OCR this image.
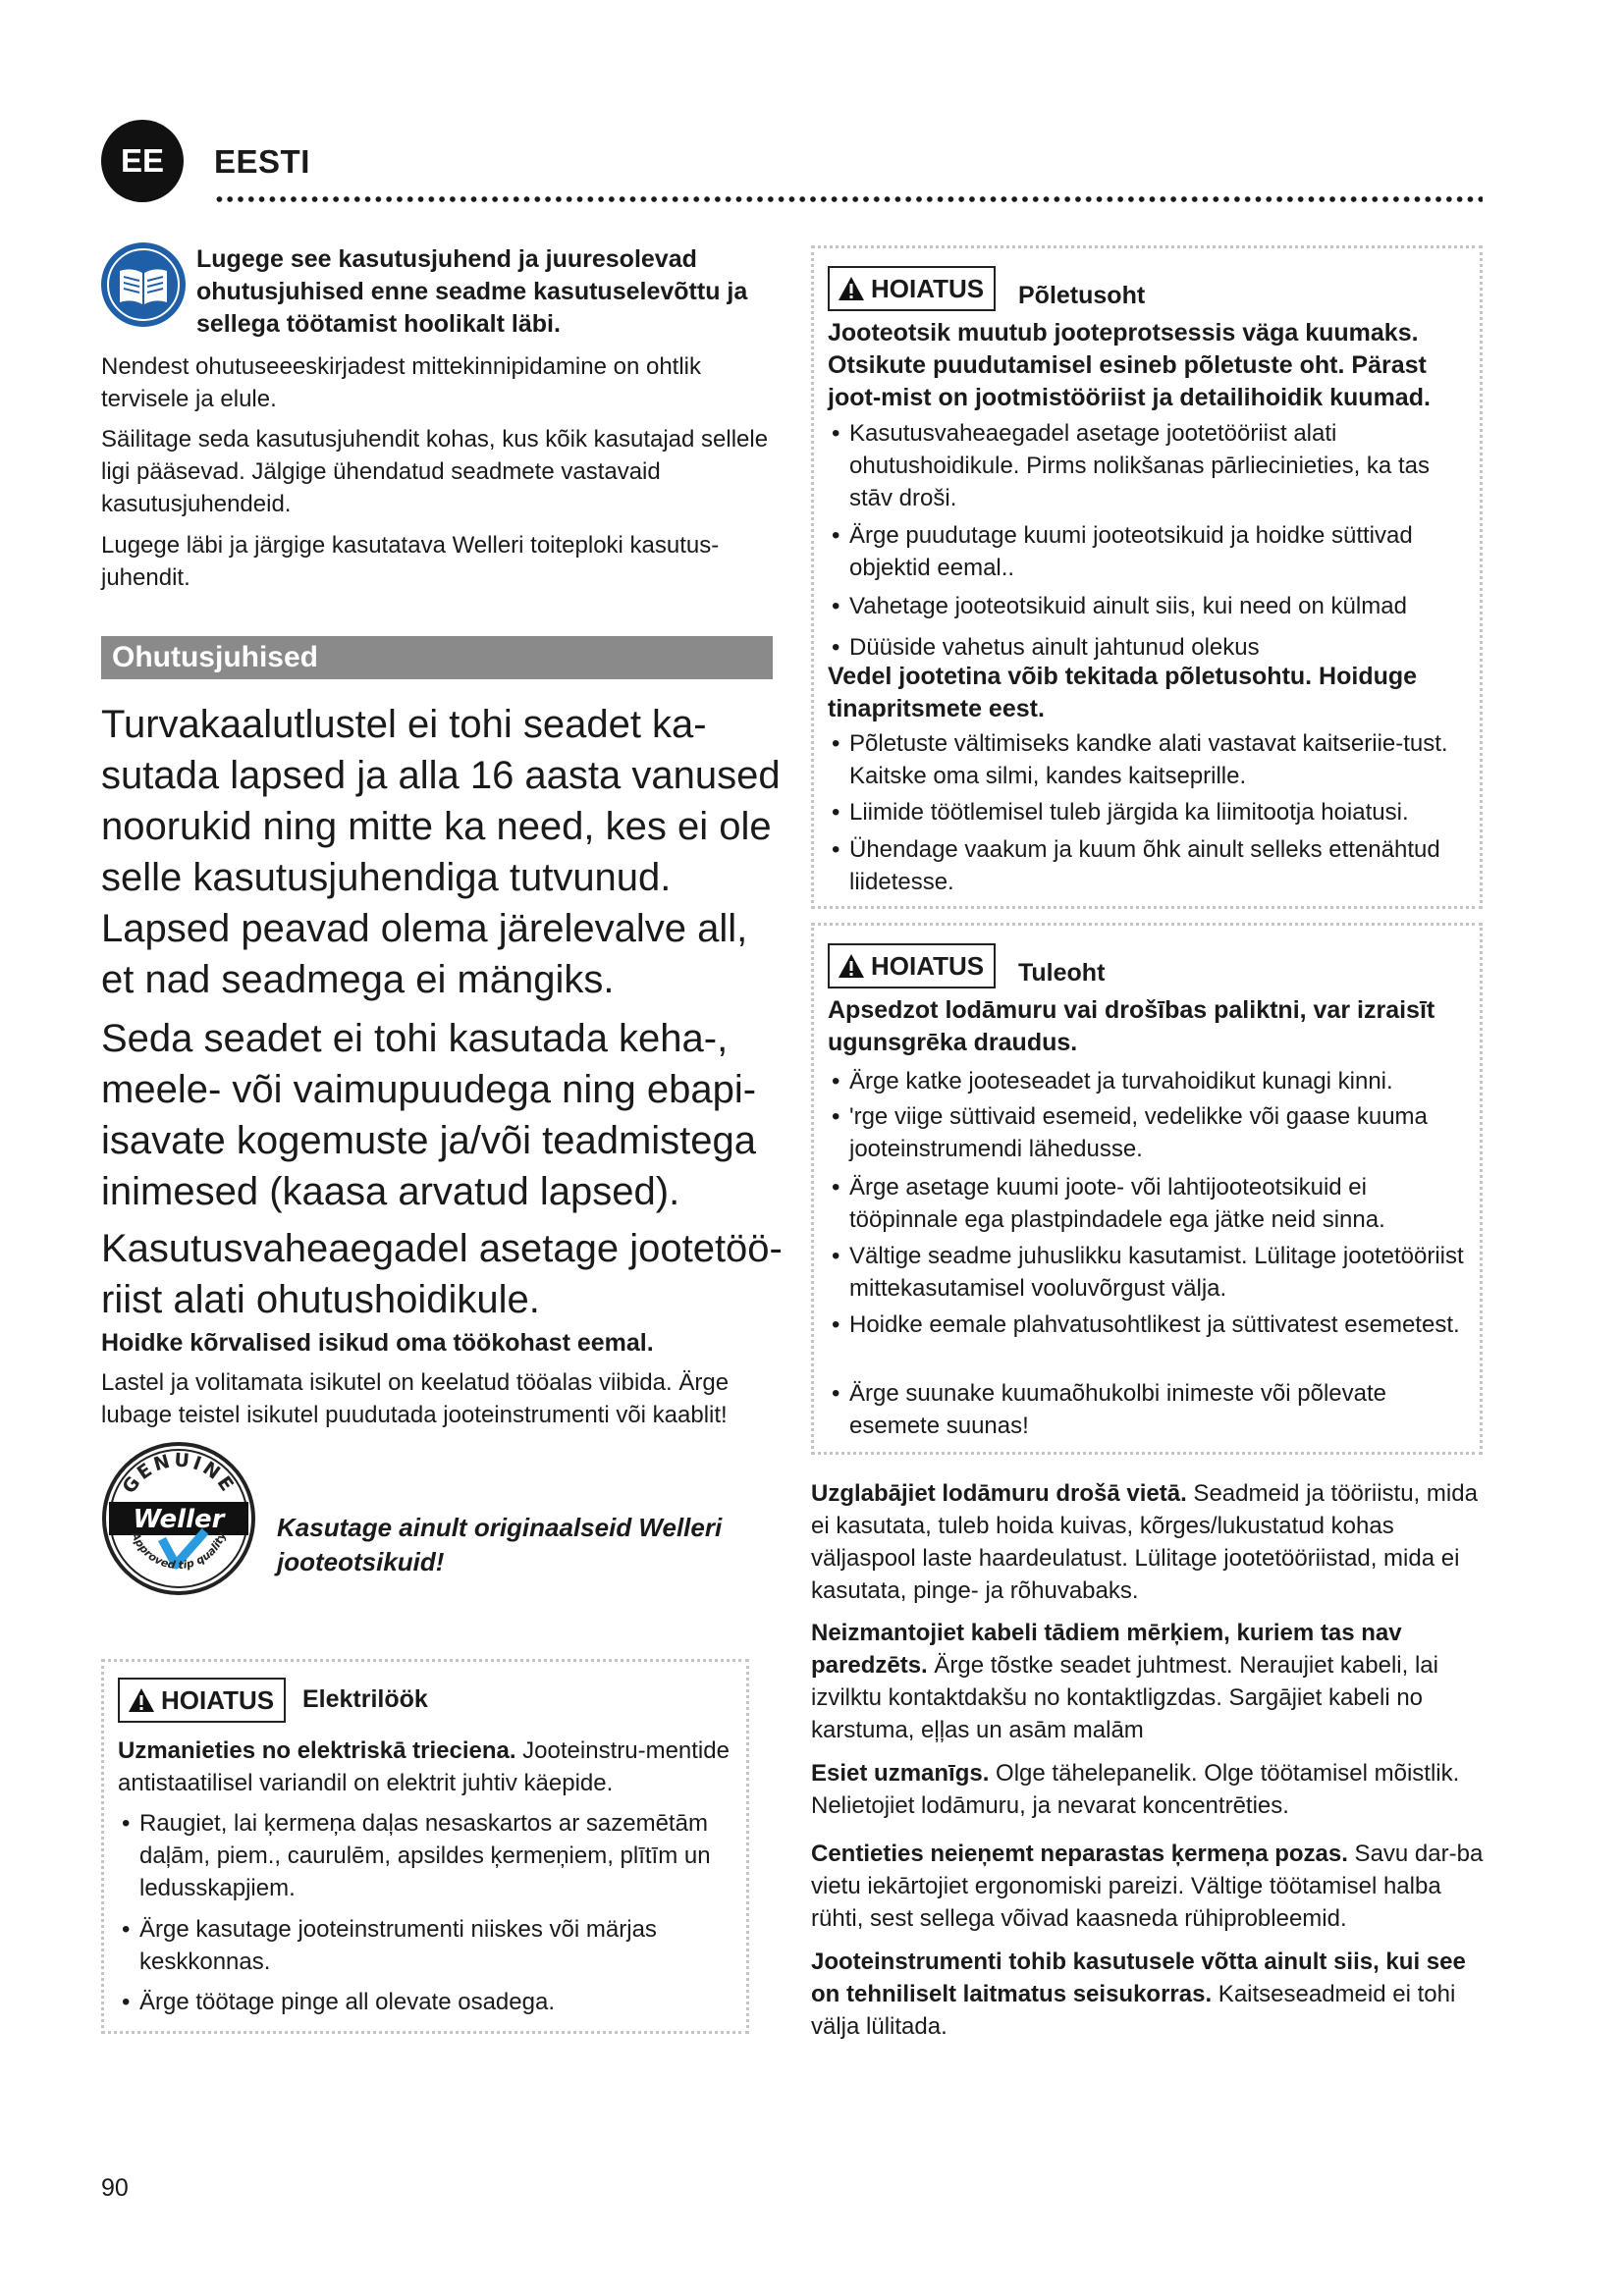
EE	EESTI
Lugege see kasutusjuhend ja juuresolevad ohutusjuhised enne seadme kasutuselevõttu ja sellega töötamist hoolikalt läbi.
Nendest ohutuseeeskirjadest mittekinnipidamine on ohtlik tervisele ja elule.
Säilitage seda kasutusjuhendit kohas, kus kõik kasutajad sellele ligi pääsevad. Jälgige ühendatud seadmete vastavaid kasutusjuhendeid.
Lugege läbi ja järgige kasutatava Welleri toiteploki kasutus-juhendit.
Ohutusjuhised
Turvakaalutlustel ei tohi seadet ka-sutada lapsed ja alla 16 aasta vanused noorukid ning mitte ka need, kes ei ole selle kasutusjuhendiga tutvunud. Lapsed peavad olema järelevalve all, et nad seadmega ei mängiks.
Seda seadet ei tohi kasutada keha-, meele- või vaimupuudega ning ebapi-isavate kogemuste ja/või teadmistega inimesed (kaasa arvatud lapsed).
Kasutusvaheaegadel asetage jootetöö-riist alati ohutushoidikule.
Hoidke kõrvalised isikud oma töökohast eemal.
Lastel ja volitamata isikutel on keelatud tööalas viibida. Ärge lubage teistel isikutel puudutada jooteinstrumenti või kaablit!
GENUINE
Weller
Approved tip quality Kasutage ainult originaalseid Welleri jooteotsikuid!
HOIATUS Elektrilöök
Uzmanieties no elektriskā trieciena. Jooteinstru-mentide antistaatilisel variandil on elektrit juhtiv käepide.
• Raugiet, lai ķermeņa daļas nesaskartos ar sazemētām daļām, piem., caurulēm, apsildes ķermeņiem, plītīm un ledusskapjiem.
• Ärge kasutage jooteinstrumenti niiskes või märjas keskkonnas.
• Ärge töötage pinge all olevate osadega.
HOIATUS Põletusoht
Jooteotsik muutub jooteprotsessis väga kuumaks. Otsikute puudutamisel esineb põletuste oht. Pärast joot-mist on jootmistööriist ja detailihoidik kuumad.
• Kasutusvaheaegadel asetage jootetööriist alati ohutushoidikule. Pirms nolikšanas pārliecinieties, ka tas stāv droši.
• Ärge puudutage kuumi jooteotsikuid ja hoidke süttivad objektid eemal..
• Vahetage jooteotsikuid ainult siis, kui need on külmad
• Düüside vahetus ainult jahtunud olekus
Vedel jootetina võib tekitada põletusohtu. Hoiduge tinapritsmete eest.
• Põletuste vältimiseks kandke alati vastavat kaitseriie-tust. Kaitske oma silmi, kandes kaitseprille.
• Liimide töötlemisel tuleb järgida ka liimitootja hoiatusi.
• Ühendage vaakum ja kuum õhk ainult selleks ettenähtud liidetesse.
HOIATUS Tuleoht
Apsedzot lodāmuru vai drošības paliktni, var izraisīt ugunsgrēka draudus.
• Ärge katke jooteseadet ja turvahoidikut kunagi kinni.
• 'rge viige süttivaid esemeid, vedelikke või gaase kuuma jooteinstrumendi lähedusse.
• Ärge asetage kuumi joote- või lahtijooteotsikuid ei tööpinnale ega plastpindadele ega jätke neid sinna.
• Vältige seadme juhuslikku kasutamist. Lülitage jootetööriist mittekasutamisel vooluvõrgust välja.
• Hoidke eemale plahvatusohtlikest ja süttivatest esemetest.
• Ärge suunake kuumaõhukolbi inimeste või põlevate esemete suunas!
Uzglabājiet lodāmuru drošā vietā. Seadmeid ja tööriistu, mida ei kasutata, tuleb hoida kuivas, kõrges/lukustatud kohas väljaspool laste haardeulatust. Lülitage jootetööriistad, mida ei kasutata, pinge- ja rõhuvabaks.
Neizmantojiet kabeli tādiem mērķiem, kuriem tas nav paredzēts. Ärge tõstke seadet juhtmest. Neraujiet kabeli, lai izvilktu kontaktdakšu no kontaktligzdas. Sargājiet kabeli no karstuma, eļļas un asām malām
Esiet uzmanīgs. Olge tähelepanelik. Olge töötamisel mõistlik. Nelietojiet lodāmuru, ja nevarat koncentrēties.
Centieties neieņemt neparastas ķermeņa pozas. Savu dar-ba vietu iekārtojiet ergonomiski pareizi. Vältige töötamisel halba rühti, sest sellega võivad kaasneda rühiprobleemid.
Jooteinstrumenti tohib kasutusele võtta ainult siis, kui see on tehniliselt laitmatus seisukorras. Kaitseseadmeid ei tohi välja lülitada.
90
